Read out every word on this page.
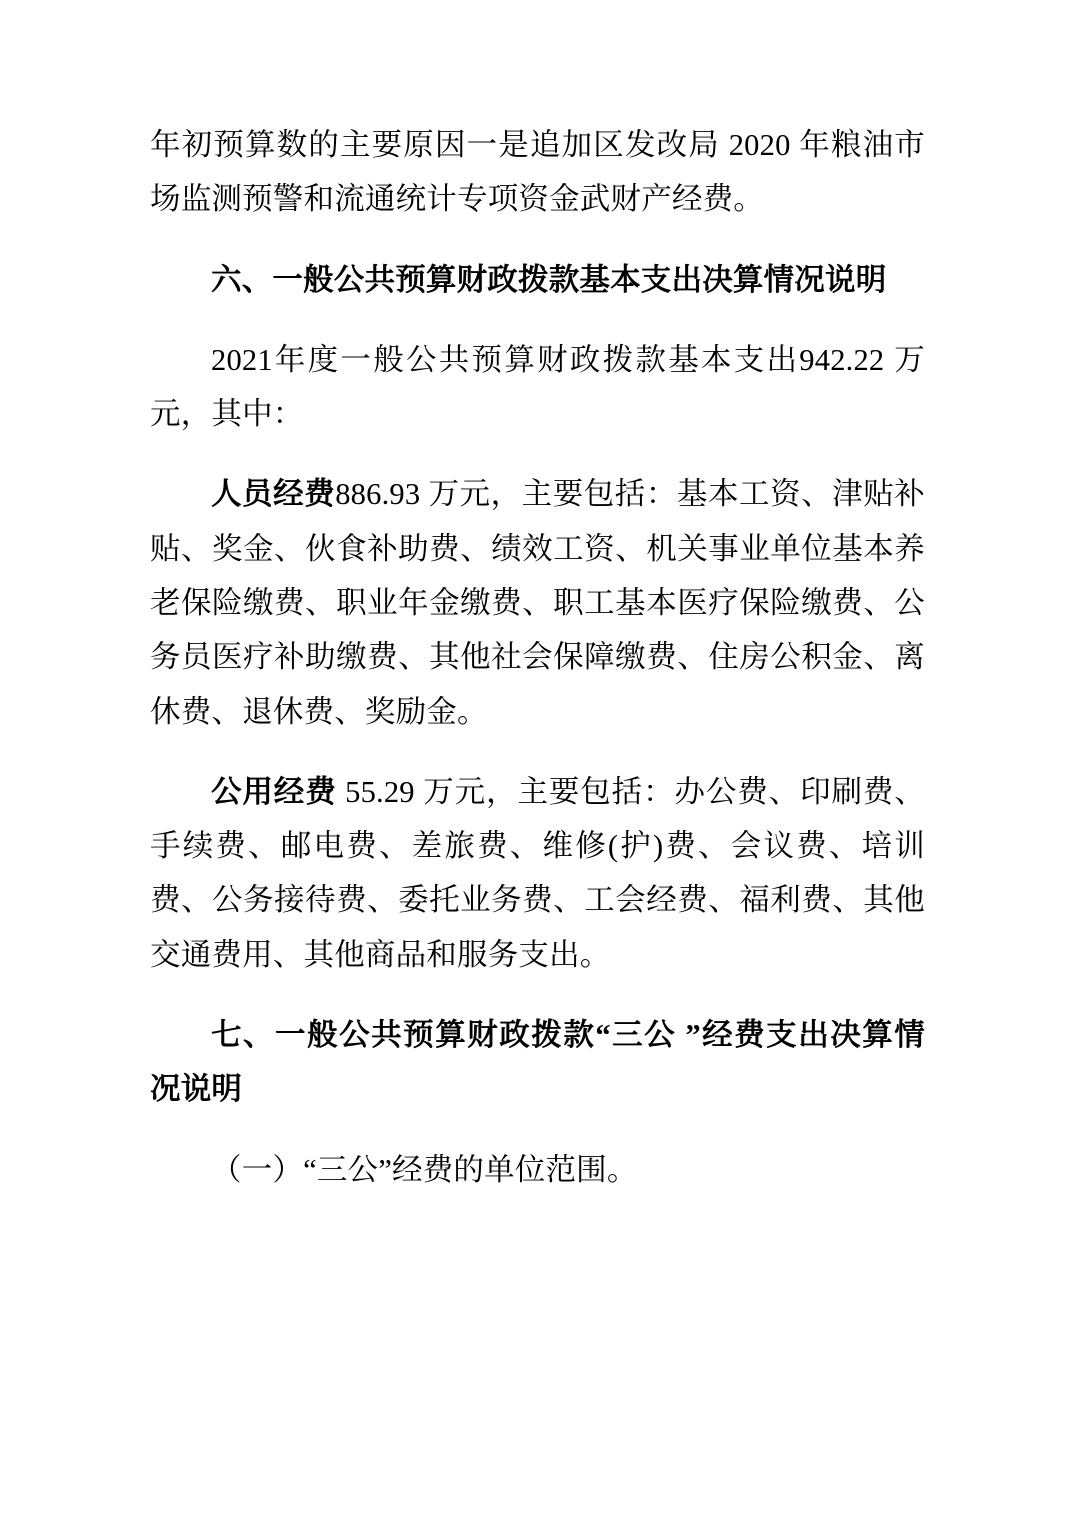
年初预算数的主要原因一是追加区发改局 2020 年粮油市场监测预警和流通统计专项资金武财产经费。

六、一般公共预算财政拨款基本支出决算情况说明

2021年度一般公共预算财政拨款基本支出942.22 万元，其中：

人员经费886.93 万元，主要包括：基本工资、津贴补贴、奖金、伙食补助费、绩效工资、机关事业单位基本养老保险缴费、职业年金缴费、职工基本医疗保险缴费、公务员医疗补助缴费、其他社会保障缴费、住房公积金、离休费、退休费、奖励金。

公用经费 55.29 万元，主要包括：办公费、印刷费、手续费、邮电费、差旅费、维修(护)费、会议费、培训费、公务接待费、委托业务费、工会经费、福利费、其他交通费用、其他商品和服务支出。

七、一般公共预算财政拨款“三公 ”经费支出决算情况说明

（一）“三公”经费的单位范围。
